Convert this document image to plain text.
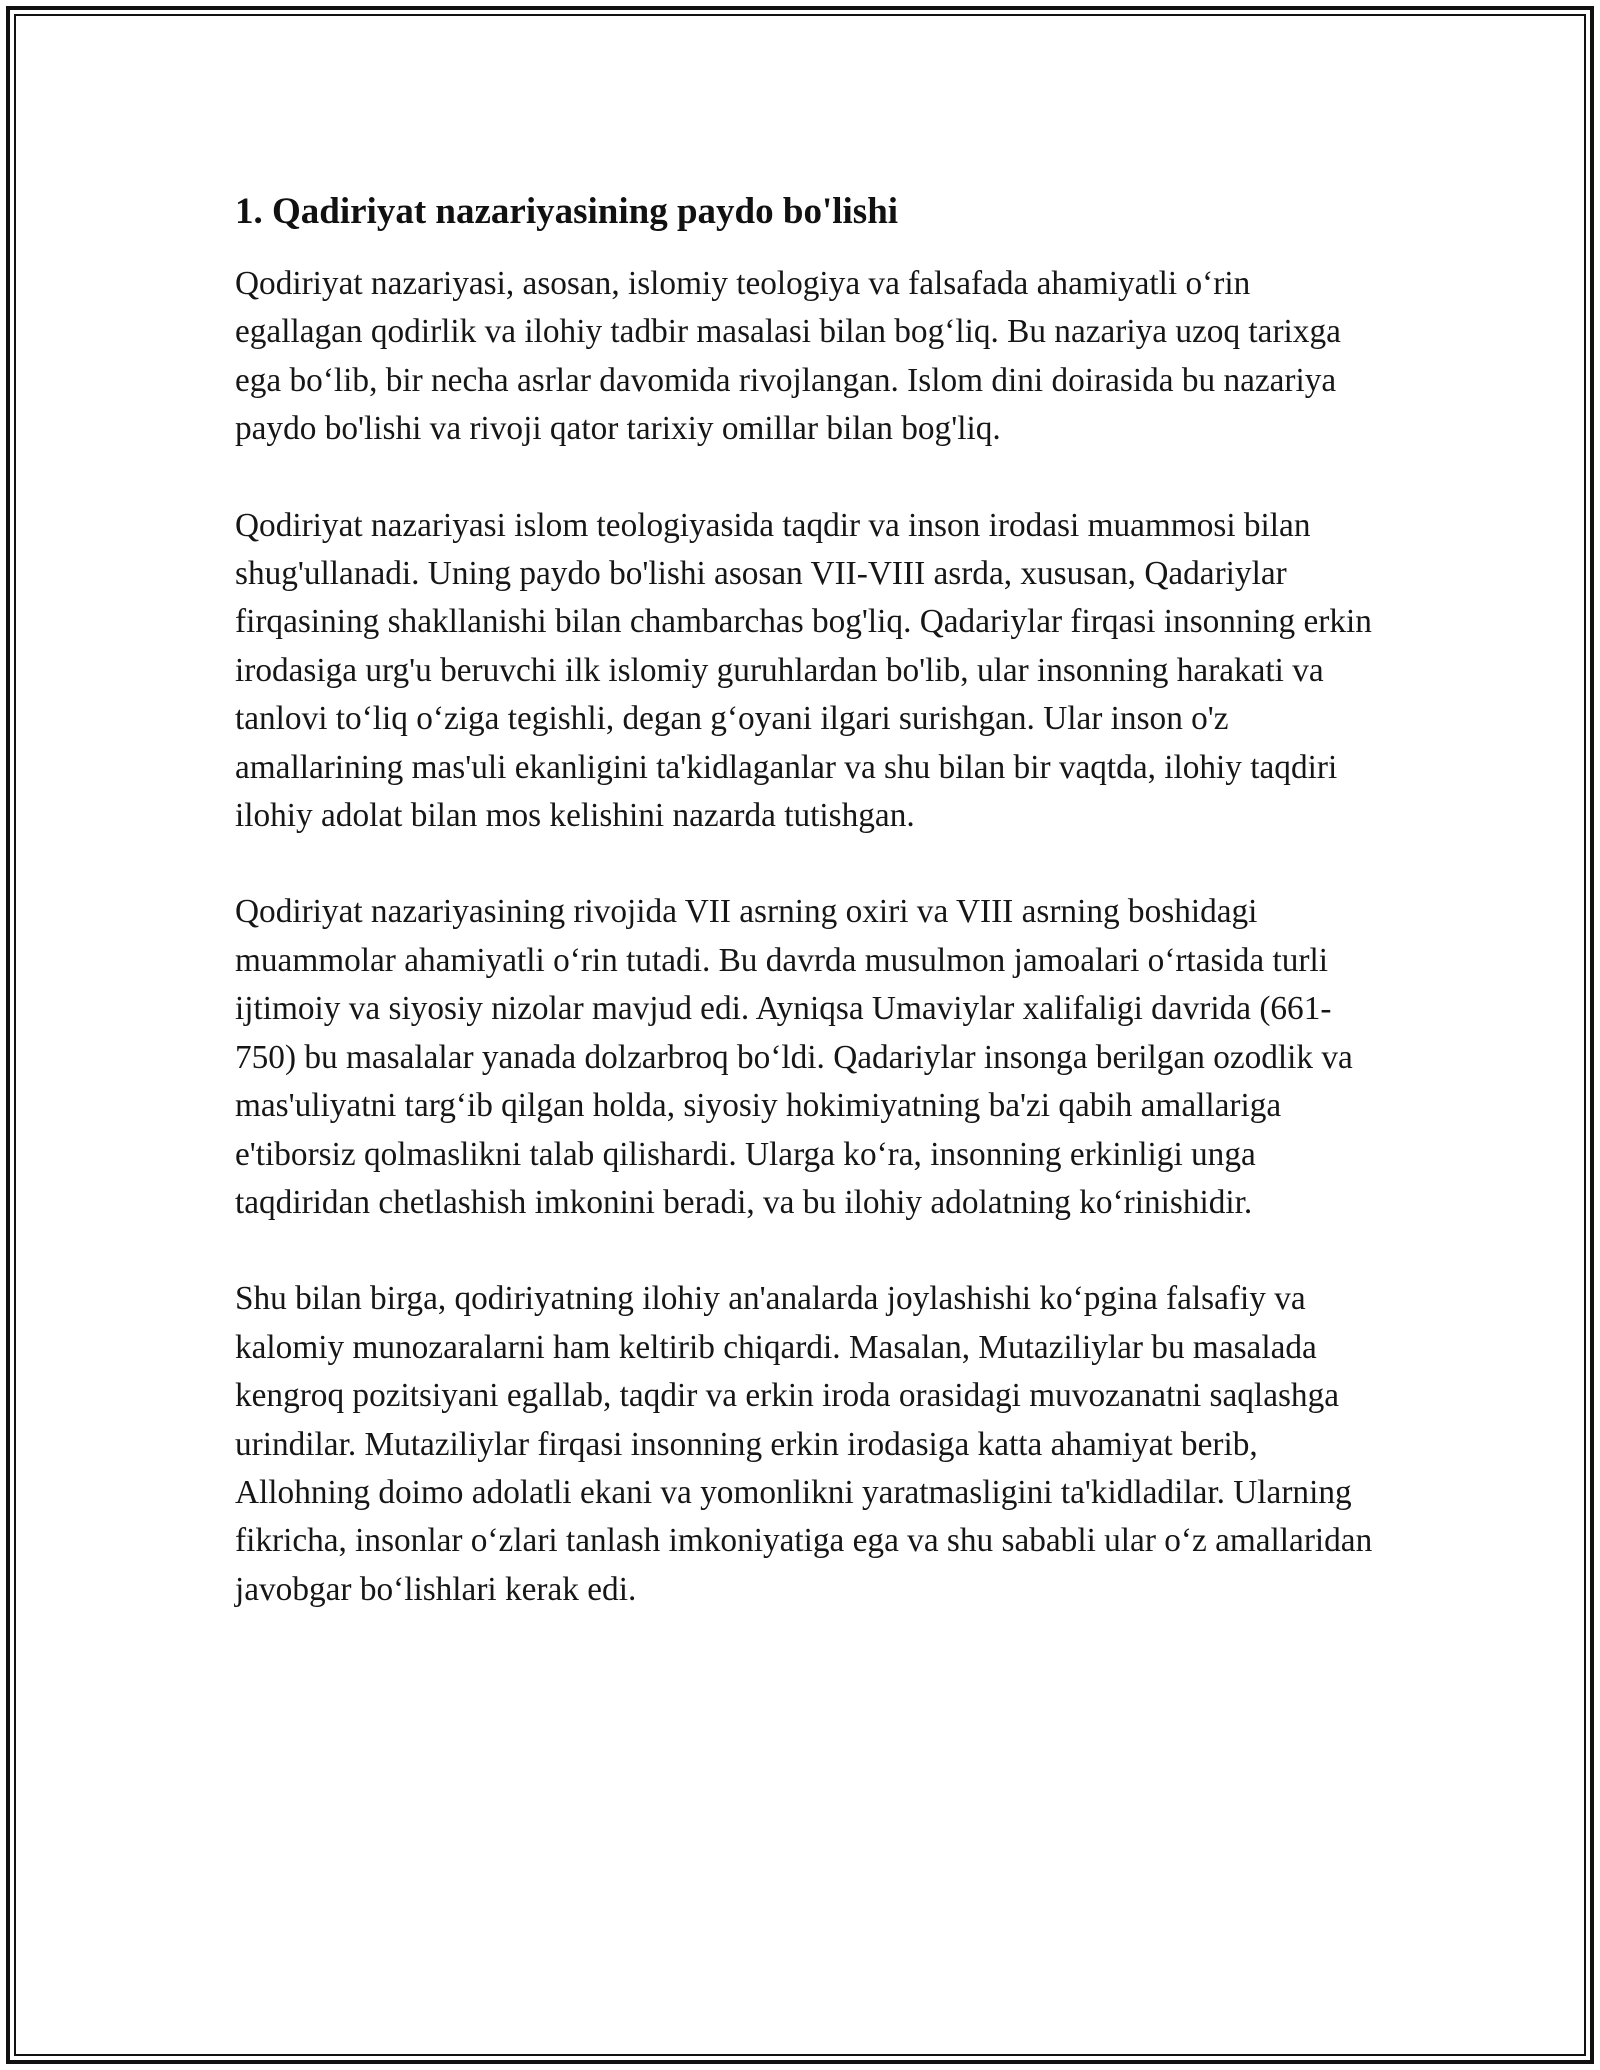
1. Qadiriyat nazariyasining paydo bo'lishi

Qodiriyat nazariyasi, asosan, islomiy teologiya va falsafada ahamiyatli oʻrin egallagan qodirlik va ilohiy tadbir masalasi bilan bogʻliq. Bu nazariya uzoq tarixga ega boʻlib, bir necha asrlar davomida rivojlangan. Islom dini doirasida bu nazariya paydo bo'lishi va rivoji qator tarixiy omillar bilan bog'liq.

Qodiriyat nazariyasi islom teologiyasida taqdir va inson irodasi muammosi bilan shug'ullanadi. Uning paydo bo'lishi asosan VII-VIII asrda, xususan, Qadariylar firqasining shakllanishi bilan chambarchas bog'liq. Qadariylar firqasi insonning erkin irodasiga urg'u beruvchi ilk islomiy guruhlardan bo'lib, ular insonning harakati va tanlovi toʻliq oʻziga tegishli, degan gʻoyani ilgari surishgan. Ular inson o'z amallarining mas'uli ekanligini ta'kidlaganlar va shu bilan bir vaqtda, ilohiy taqdiri ilohiy adolat bilan mos kelishini nazarda tutishgan.

Qodiriyat nazariyasining rivojida VII asrning oxiri va VIII asrning boshidagi muammolar ahamiyatli oʻrin tutadi. Bu davrda musulmon jamoalari oʻrtasida turli ijtimoiy va siyosiy nizolar mavjud edi. Ayniqsa Umaviylar xalifaligi davrida (661-750) bu masalalar yanada dolzarbroq boʻldi. Qadariylar insonga berilgan ozodlik va mas'uliyatni targʻib qilgan holda, siyosiy hokimiyatning ba'zi qabih amallariga e'tiborsiz qolmaslikni talab qilishardi. Ularga koʻra, insonning erkinligi unga taqdiridan chetlashish imkonini beradi, va bu ilohiy adolatning koʻrinishidir.

Shu bilan birga, qodiriyatning ilohiy an'analarda joylashishi koʻpgina falsafiy va kalomiy munozaralarni ham keltirib chiqardi. Masalan, Mutaziliylar bu masalada kengroq pozitsiyani egallab, taqdir va erkin iroda orasidagi muvozanatni saqlashga urindilar. Mutaziliylar firqasi insonning erkin irodasiga katta ahamiyat berib, Allohning doimo adolatli ekani va yomonlikni yaratmasligini ta'kidladilar. Ularning fikricha, insonlar oʻzlari tanlash imkoniyatiga ega va shu sababli ular oʻz amallaridan javobgar boʻlishlari kerak edi.
